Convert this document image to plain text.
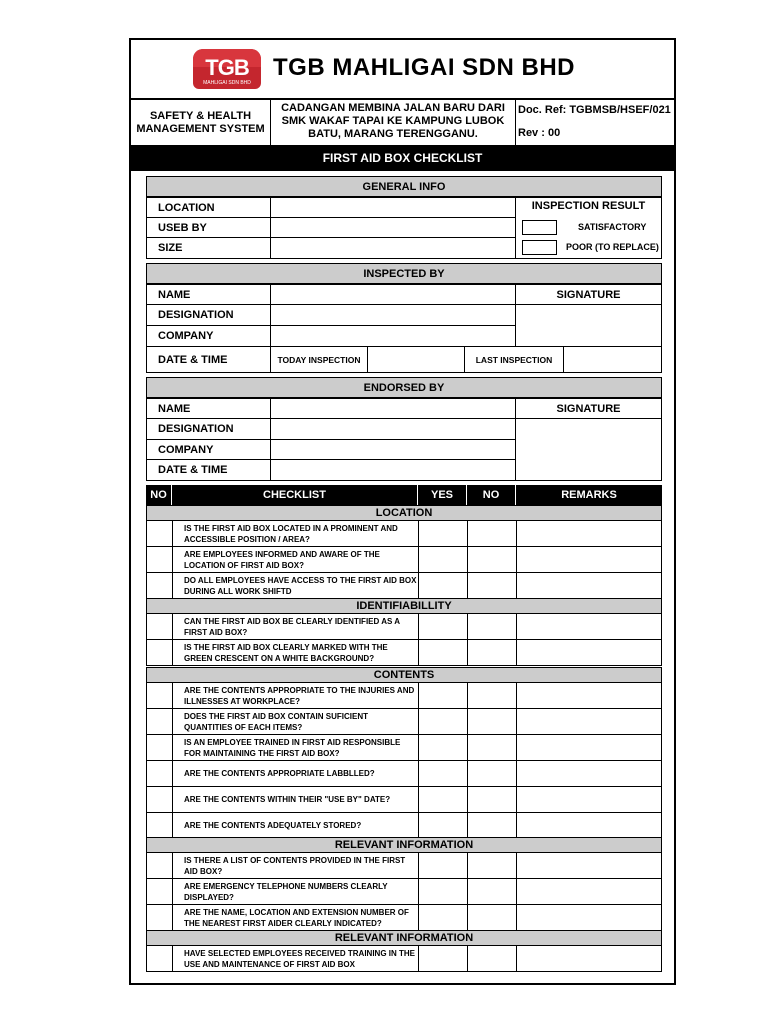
TGB
MAHLIGAI SDN BHD
TGB MAHLIGAI SDN BHD
SAFETY & HEALTH MANAGEMENT SYSTEM
CADANGAN MEMBINA JALAN BARU DARI SMK WAKAF TAPAI KE KAMPUNG LUBOK BATU, MARANG TERENGGANU.
Doc. Ref: TGBMSB/HSEF/021
Rev : 00
FIRST AID BOX CHECKLIST
GENERAL INFO
LOCATION
USEB BY
SIZE
INSPECTION RESULT
SATISFACTORY
POOR (TO REPLACE)
INSPECTED BY
NAME
DESIGNATION
COMPANY
SIGNATURE
DATE & TIME	TODAY INSPECTION	LAST INSPECTION
ENDORSED BY
NAME
DESIGNATION
COMPANY
DATE & TIME
SIGNATURE
NO	CHECKLIST	YES	NO	REMARKS
LOCATION
IS THE FIRST AID BOX LOCATED IN A PROMINENT AND ACCESSIBLE POSITION / AREA?
ARE EMPLOYEES INFORMED AND AWARE OF THE LOCATION OF FIRST AID BOX?
DO ALL EMPLOYEES HAVE ACCESS TO THE FIRST AID BOX DURING ALL WORK SHIFTD
IDENTIFIABILLITY
CAN THE FIRST AID BOX BE CLEARLY IDENTIFIED AS A FIRST AID BOX?
IS THE FIRST AID BOX CLEARLY MARKED WITH THE GREEN CRESCENT ON A WHITE BACKGROUND?
CONTENTS
ARE THE CONTENTS APPROPRIATE TO THE INJURIES AND ILLNESSES AT WORKPLACE?
DOES THE FIRST AID BOX CONTAIN SUFICIENT QUANTITIES OF EACH ITEMS?
IS AN EMPLOYEE TRAINED IN FIRST AID RESPONSIBLE FOR MAINTAINING THE FIRST AID BOX?
ARE THE CONTENTS APPROPRIATE LABBLLED?
ARE THE CONTENTS WITHIN THEIR "USE BY" DATE?
ARE THE CONTENTS ADEQUATELY STORED?
RELEVANT INFORMATION
IS THERE A LIST OF CONTENTS PROVIDED IN THE FIRST AID BOX?
ARE EMERGENCY TELEPHONE NUMBERS CLEARLY DISPLAYED?
ARE THE NAME, LOCATION AND EXTENSION NUMBER OF THE NEAREST FIRST AIDER CLEARLY INDICATED?
RELEVANT INFORMATION
HAVE SELECTED EMPLOYEES RECEIVED TRAINING IN THE USE AND MAINTENANCE OF FIRST AID BOX
